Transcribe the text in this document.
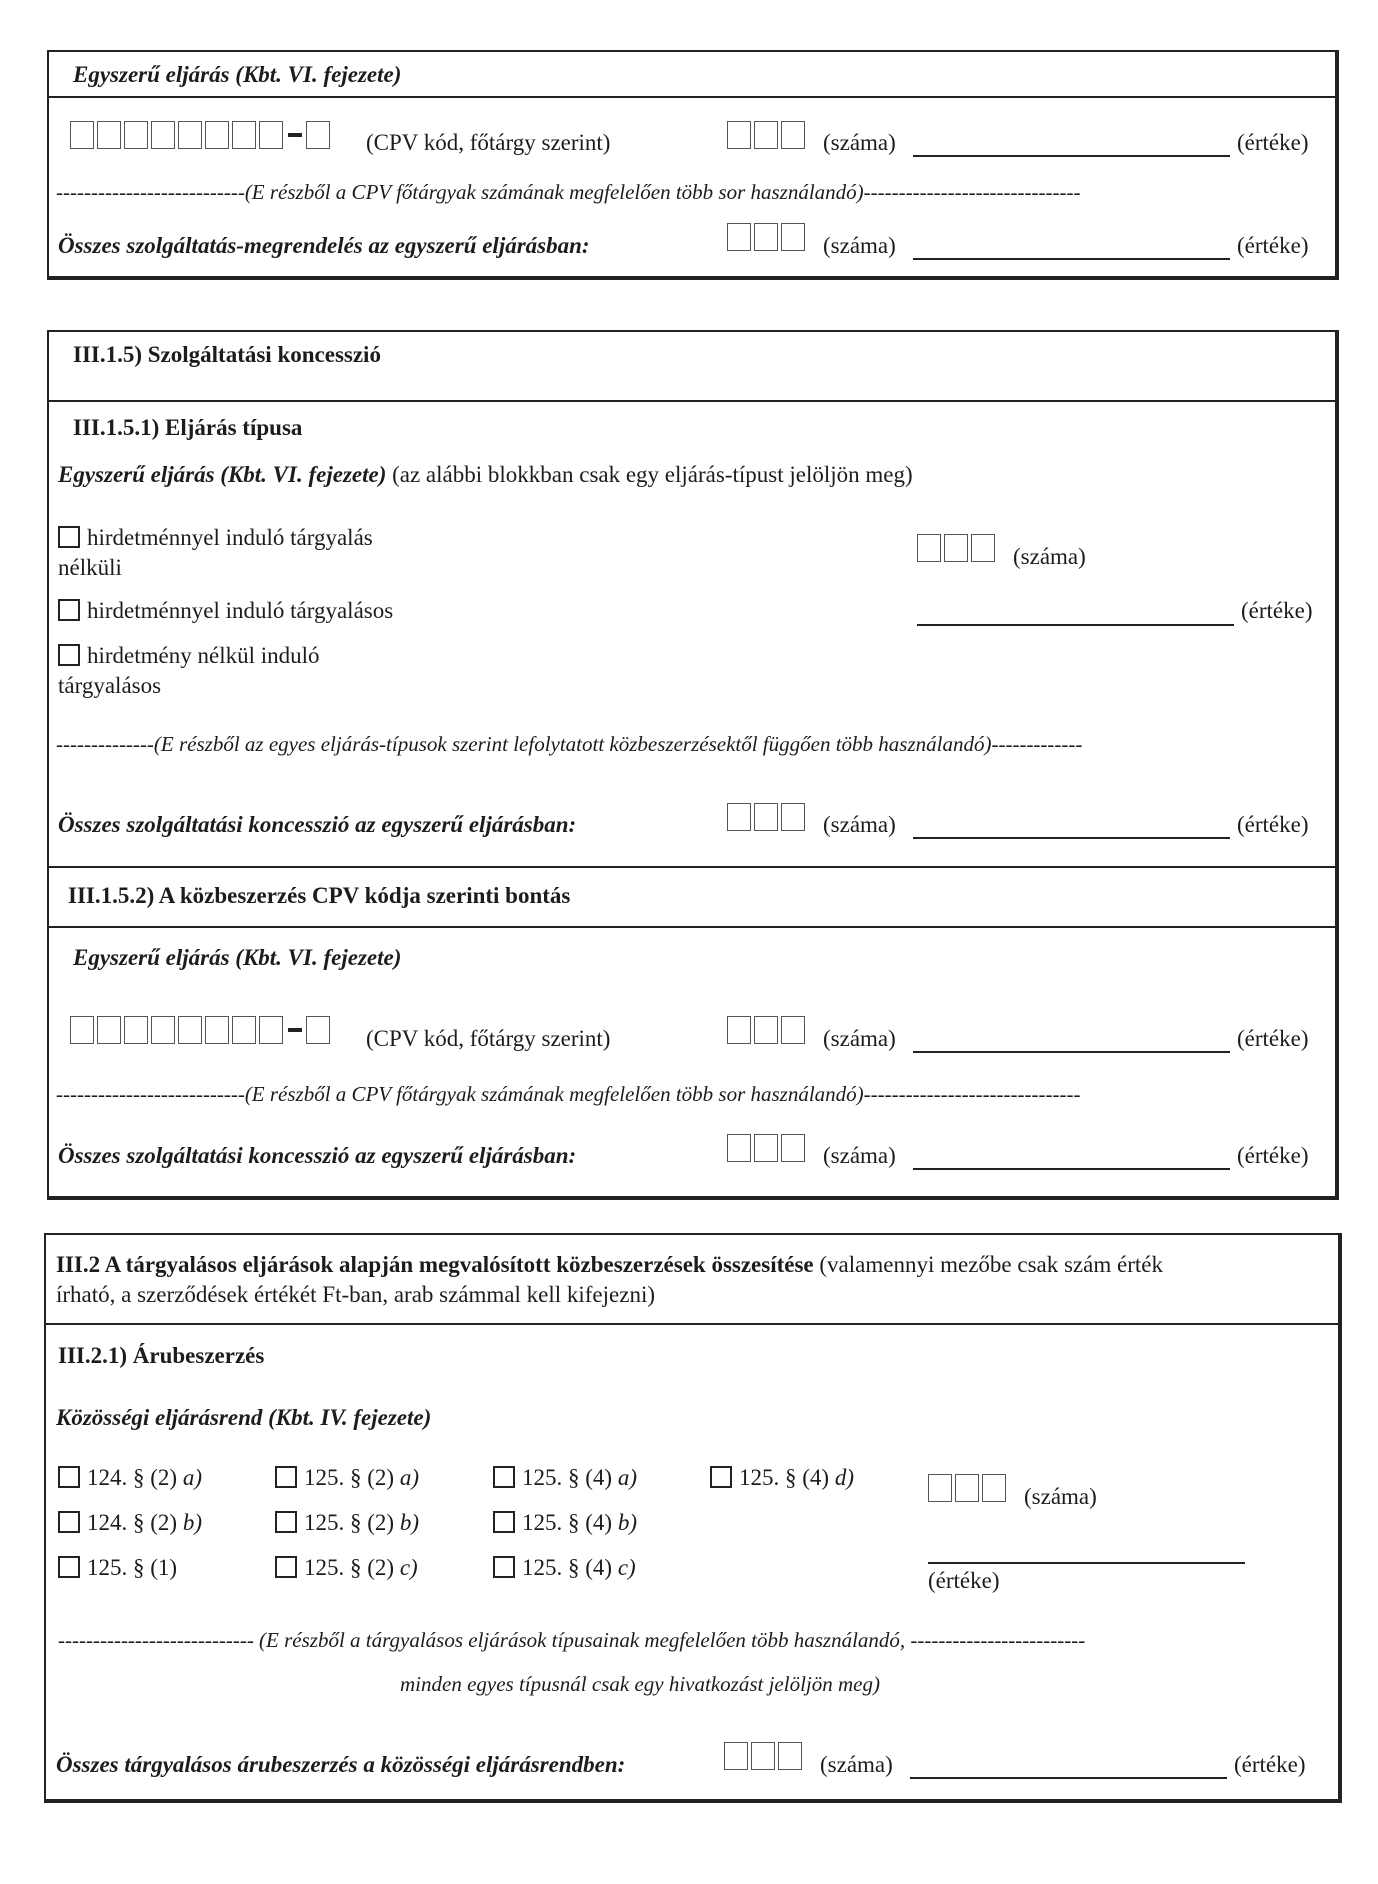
Egyszerű eljárás (Kbt. VI. fejezete)
(CPV kód, főtárgy szerint)	(száma)	(értéke)
---------------------------(E részből a CPV főtárgyak számának megfelelően több sor használandó)-------------------------------
Összes szolgáltatás-megrendelés az egyszerű eljárásban:	(száma)	(értéke)
III.1.5) Szolgáltatási koncesszió
III.1.5.1) Eljárás típusa
Egyszerű eljárás (Kbt. VI. fejezete) (az alábbi blokkban csak egy eljárás-típust jelöljön meg)
hirdetménnyel induló tárgyalás
nélküli
hirdetménnyel induló tárgyalásos
hirdetmény nélkül induló
tárgyalásos
(száma)
(értéke)
--------------(E részből az egyes eljárás-típusok szerint lefolytatott közbeszerzésektől függően több használandó)-------------
Összes szolgáltatási koncesszió az egyszerű eljárásban:	(száma)	(értéke)
III.1.5.2) A közbeszerzés CPV kódja szerinti bontás
Egyszerű eljárás (Kbt. VI. fejezete)
(CPV kód, főtárgy szerint)	(száma)	(értéke)
---------------------------(E részből a CPV főtárgyak számának megfelelően több sor használandó)-------------------------------
Összes szolgáltatási koncesszió az egyszerű eljárásban:	(száma)	(értéke)
III.2 A tárgyalásos eljárások alapján megvalósított közbeszerzések összesítése (valamennyi mezőbe csak szám érték
írható, a szerződések értékét Ft-ban, arab számmal kell kifejezni)
III.2.1) Árubeszerzés
Közösségi eljárásrend (Kbt. IV. fejezete)
124. § (2) a)	125. § (2) a)	125. § (4) a)	125. § (4) d)
124. § (2) b)	125. § (2) b)	125. § (4) b)
125. § (1)	125. § (2) c)	125. § (4) c)
(száma)
(értéke)
---------------------------- (E részből a tárgyalásos eljárások típusainak megfelelően több használandó, -------------------------
minden egyes típusnál csak egy hivatkozást jelöljön meg)
Összes tárgyalásos árubeszerzés a közösségi eljárásrendben:	(száma)	(értéke)
